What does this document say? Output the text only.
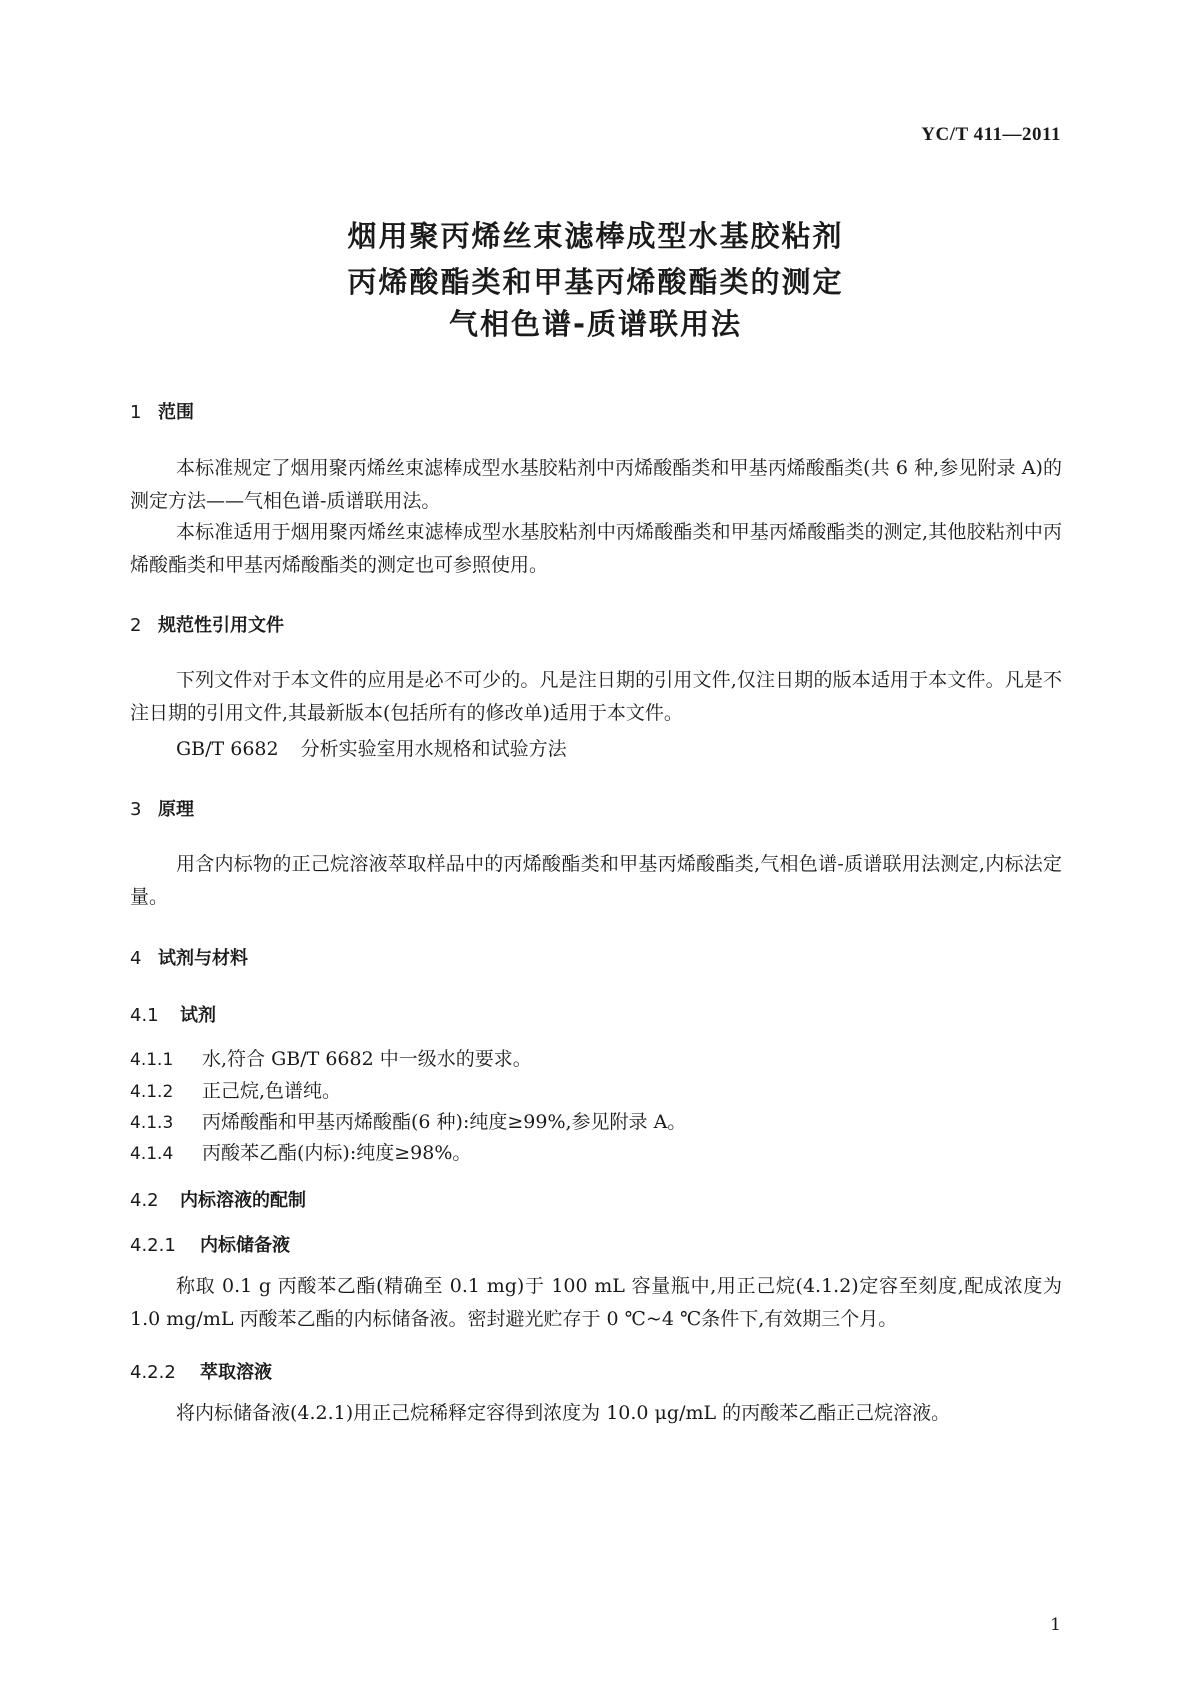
YC/T 411—2011
烟用聚丙烯丝束滤棒成型水基胶粘剂
丙烯酸酯类和甲基丙烯酸酯类的测定
气相色谱-质谱联用法
1 范围
本标准规定了烟用聚丙烯丝束滤棒成型水基胶粘剂中丙烯酸酯类和甲基丙烯酸酯类(共 6 种,参见附录 A)的测定方法——气相色谱-质谱联用法。
本标准适用于烟用聚丙烯丝束滤棒成型水基胶粘剂中丙烯酸酯类和甲基丙烯酸酯类的测定,其他胶粘剂中丙烯酸酯类和甲基丙烯酸酯类的测定也可参照使用。
2 规范性引用文件
下列文件对于本文件的应用是必不可少的。凡是注日期的引用文件,仅注日期的版本适用于本文件。凡是不注日期的引用文件,其最新版本(包括所有的修改单)适用于本文件。
GB/T 6682 分析实验室用水规格和试验方法
3 原理
用含内标物的正己烷溶液萃取样品中的丙烯酸酯类和甲基丙烯酸酯类,气相色谱-质谱联用法测定,内标法定量。
4 试剂与材料
4.1 试剂
4.1.1 水,符合 GB/T 6682 中一级水的要求。
4.1.2 正己烷,色谱纯。
4.1.3 丙烯酸酯和甲基丙烯酸酯(6 种):纯度≥99%,参见附录 A。
4.1.4 丙酸苯乙酯(内标):纯度≥98%。
4.2 内标溶液的配制
4.2.1 内标储备液
称取 0.1 g 丙酸苯乙酯(精确至 0.1 mg)于 100 mL 容量瓶中,用正己烷(4.1.2)定容至刻度,配成浓度为 1.0 mg/mL 丙酸苯乙酯的内标储备液。密封避光贮存于 0 ℃~4 ℃条件下,有效期三个月。
4.2.2 萃取溶液
将内标储备液(4.2.1)用正己烷稀释定容得到浓度为 10.0 μg/mL 的丙酸苯乙酯正己烷溶液。
1
